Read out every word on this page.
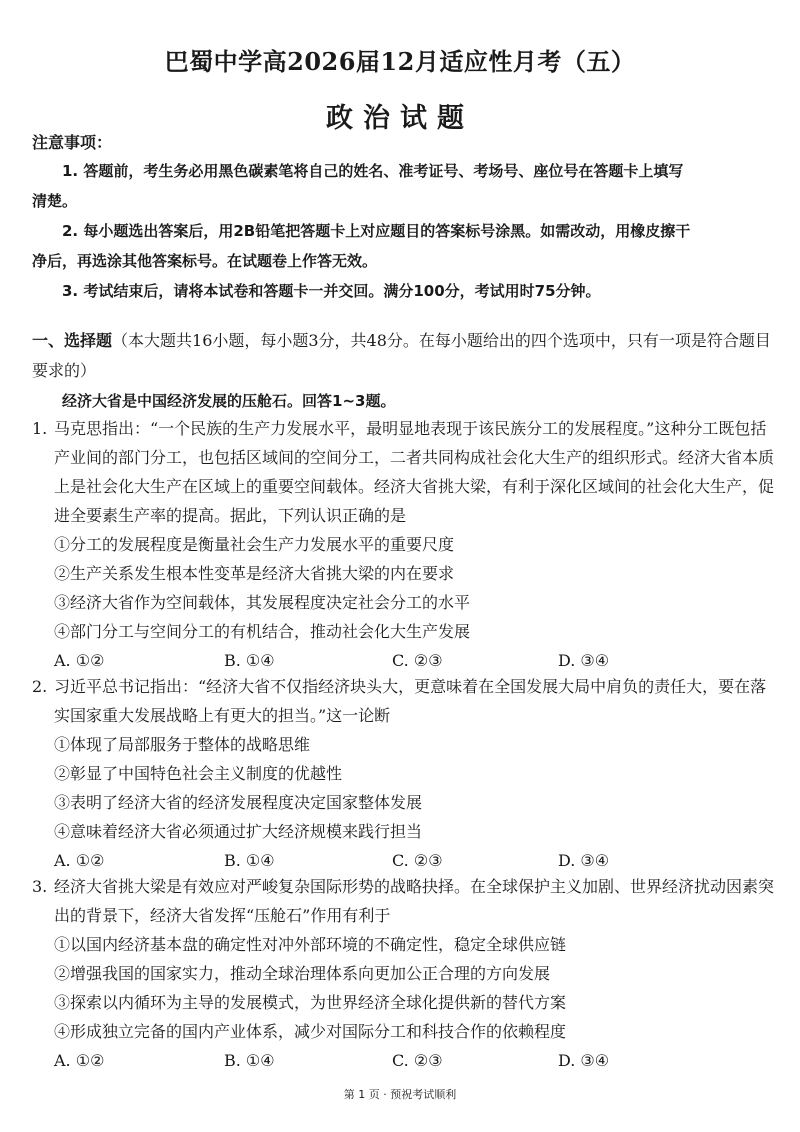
巴蜀中学高2026届12月适应性月考（五）
政治试题
注意事项：
1. 答题前，考生务必用黑色碳素笔将自己的姓名、准考证号、考场号、座位号在答题卡上填写
清楚。
2. 每小题选出答案后，用2B铅笔把答题卡上对应题目的答案标号涂黑。如需改动，用橡皮擦干
净后，再选涂其他答案标号。在试题卷上作答无效。
3. 考试结束后，请将本试卷和答题卡一并交回。满分100分，考试用时75分钟。
一、选择题（本大题共16小题，每小题3分，共48分。在每小题给出的四个选项中，只有一项是符合题目要求的）
经济大省是中国经济发展的压舱石。回答1~3题。
1. 马克思指出：“一个民族的生产力发展水平，最明显地表现于该民族分工的发展程度。”这种分工既包括产业间的部门分工，也包括区域间的空间分工，二者共同构成社会化大生产的组织形式。经济大省本质上是社会化大生产在区域上的重要空间载体。经济大省挑大梁，有利于深化区域间的社会化大生产，促进全要素生产率的提高。据此，下列认识正确的是
①分工的发展程度是衡量社会生产力发展水平的重要尺度
②生产关系发生根本性变革是经济大省挑大梁的内在要求
③经济大省作为空间载体，其发展程度决定社会分工的水平
④部门分工与空间分工的有机结合，推动社会化大生产发展
A. ①②	B. ①④	C. ②③	D. ③④
2. 习近平总书记指出：“经济大省不仅指经济块头大，更意味着在全国发展大局中肩负的责任大，要在落实国家重大发展战略上有更大的担当。”这一论断
①体现了局部服务于整体的战略思维
②彰显了中国特色社会主义制度的优越性
③表明了经济大省的经济发展程度决定国家整体发展
④意味着经济大省必须通过扩大经济规模来践行担当
A. ①②	B. ①④	C. ②③	D. ③④
3. 经济大省挑大梁是有效应对严峻复杂国际形势的战略抉择。在全球保护主义加剧、世界经济扰动因素突出的背景下，经济大省发挥“压舱石”作用有利于
①以国内经济基本盘的确定性对冲外部环境的不确定性，稳定全球供应链
②增强我国的国家实力，推动全球治理体系向更加公正合理的方向发展
③探索以内循环为主导的发展模式，为世界经济全球化提供新的替代方案
④形成独立完备的国内产业体系，减少对国际分工和科技合作的依赖程度
A. ①②	B. ①④	C. ②③	D. ③④
第 1 页 · 预祝考试顺利
